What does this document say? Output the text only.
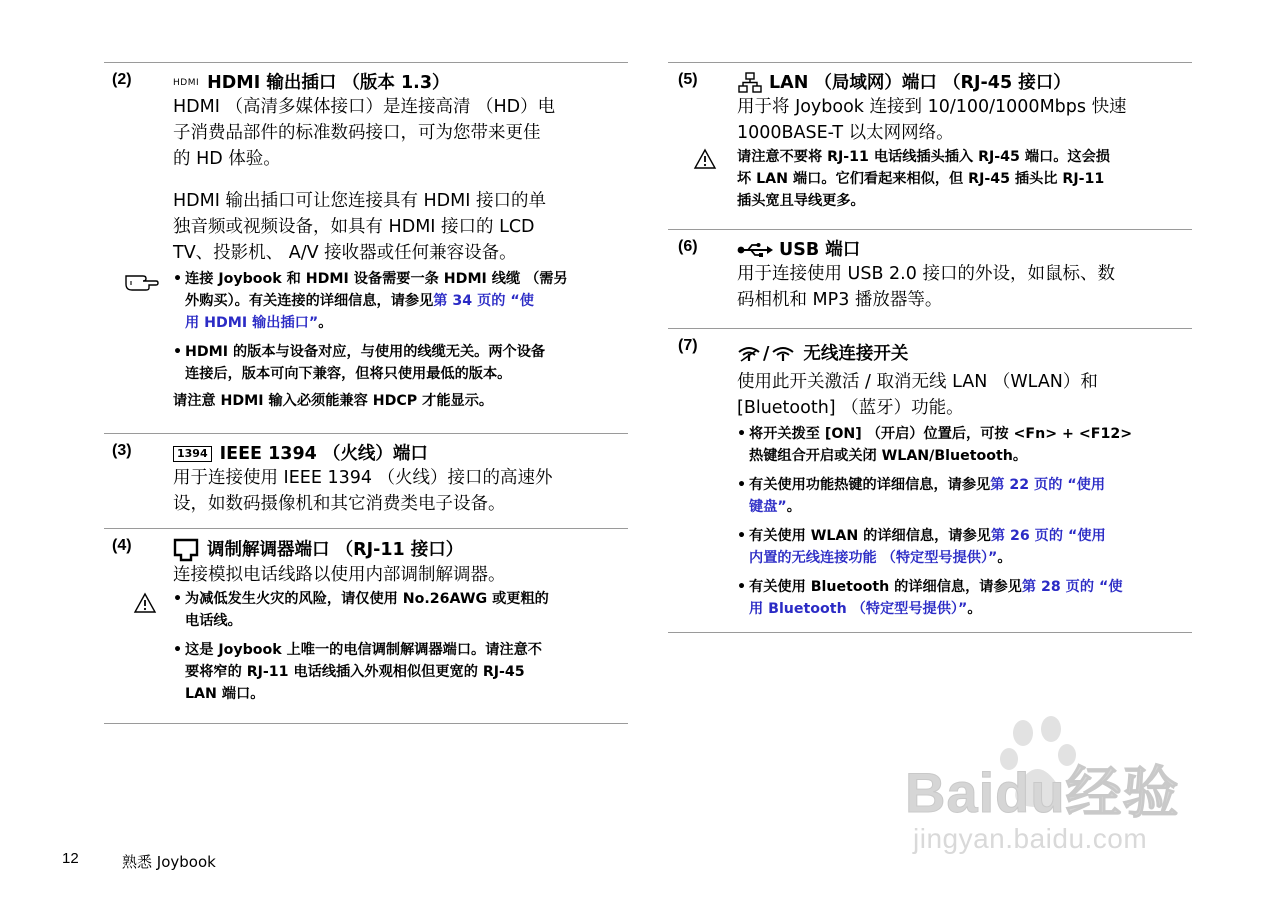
(2)	HDMI HDMI 输出插口 （版本 1.3）
HDMI （高清多媒体接口）是连接高清 （HD）电
子消费品部件的标准数码接口，可为您带来更佳
的 HD 体验。
HDMI 输出插口可让您连接具有 HDMI 接口的单
独音频或视频设备，如具有 HDMI 接口的 LCD
TV、投影机、 A/V 接收器或任何兼容设备。
• 连接 Joybook 和 HDMI 设备需要一条 HDMI 线缆 （需另
外购买）。有关连接的详细信息，请参见第 34 页的 “使
用 HDMI 输出插口”。
• HDMI 的版本与设备对应，与使用的线缆无关。两个设备
连接后，版本可向下兼容，但将只使用最低的版本。
请注意 HDMI 输入必须能兼容 HDCP 才能显示。
(3)	1394 IEEE 1394 （火线）端口
用于连接使用 IEEE 1394 （火线）接口的高速外
设，如数码摄像机和其它消费类电子设备。
(4)	调制解调器端口 （RJ-11 接口）
连接模拟电话线路以使用内部调制解调器。
• 为减低发生火灾的风险，请仅使用 No.26AWG 或更粗的
电话线。
• 这是 Joybook 上唯一的电信调制解调器端口。请注意不
要将窄的 RJ-11 电话线插入外观相似但更宽的 RJ-45
LAN 端口。
(5)	LAN （局域网）端口 （RJ-45 接口）
用于将 Joybook 连接到 10/100/1000Mbps 快速
1000BASE-T 以太网网络。
请注意不要将 RJ-11 电话线插头插入 RJ-45 端口。这会损
坏 LAN 端口。它们看起来相似，但 RJ-45 插头比 RJ-11
插头宽且导线更多。
(6)	USB 端口
用于连接使用 USB 2.0 接口的外设，如鼠标、数
码相机和 MP3 播放器等。
(7)	/ 无线连接开关
使用此开关激活 / 取消无线 LAN （WLAN）和
[Bluetooth] （蓝牙）功能。
• 将开关拨至 [ON] （开启）位置后，可按 <Fn> + <F12>
热键组合开启或关闭 WLAN/Bluetooth。
• 有关使用功能热键的详细信息，请参见第 22 页的 “使用
键盘”。
• 有关使用 WLAN 的详细信息，请参见第 26 页的 “使用
内置的无线连接功能 （特定型号提供）”。
• 有关使用 Bluetooth 的详细信息，请参见第 28 页的 “使
用 Bluetooth （特定型号提供）”。
Baidu经验
jingyan.baidu.com
12	熟悉 Joybook
